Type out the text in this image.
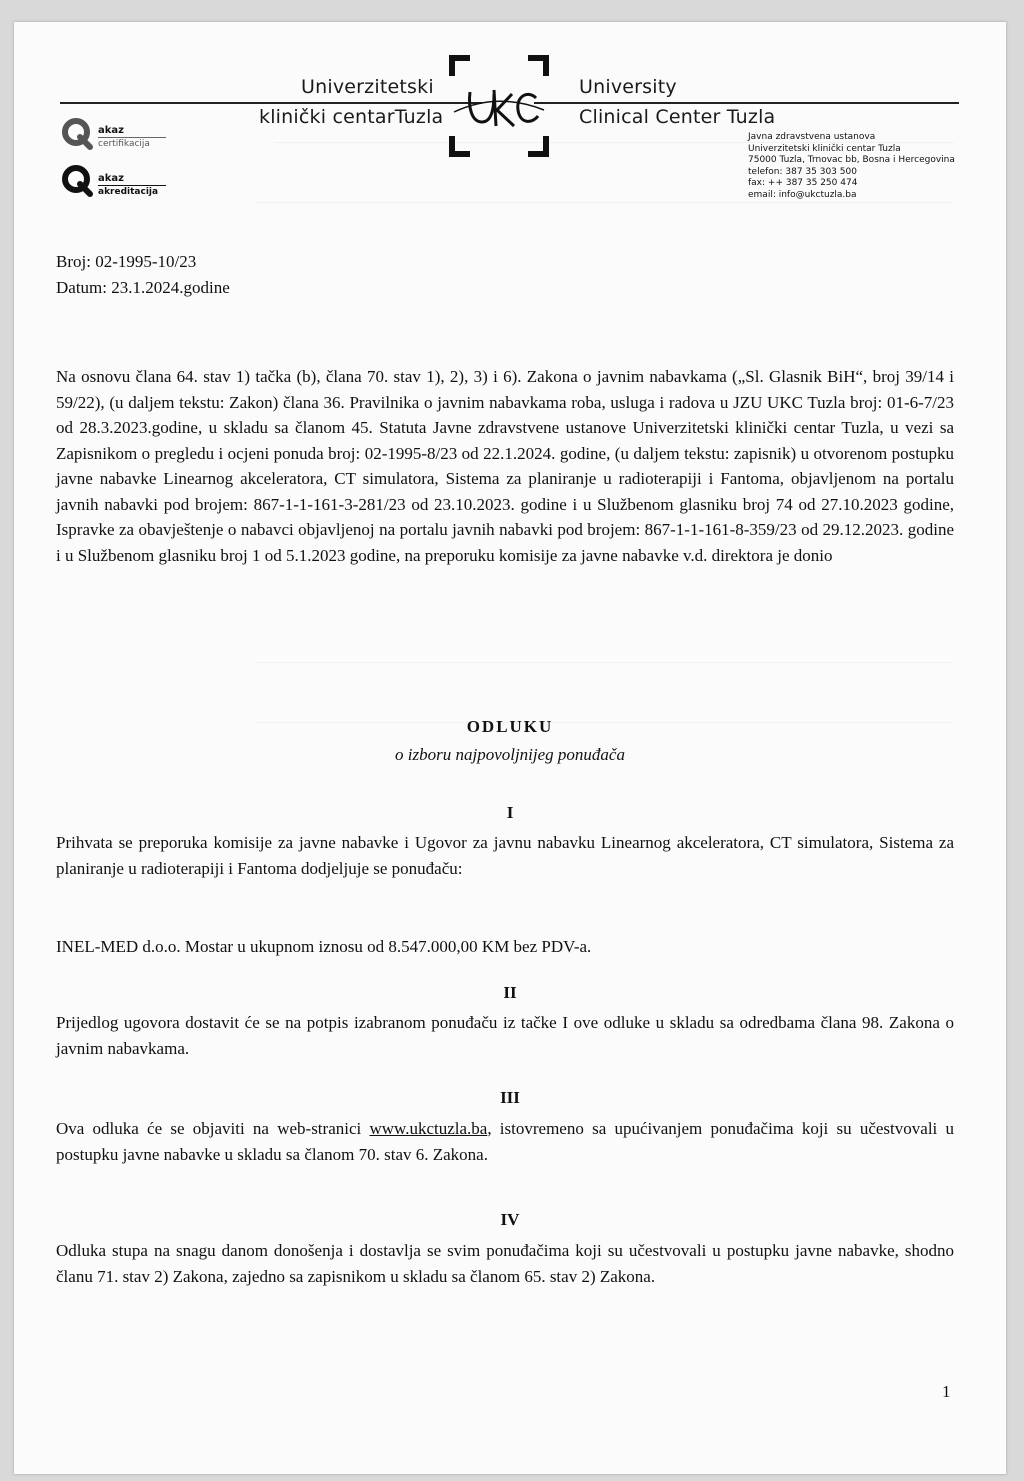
Univerzitetski
klinički centarTuzla
University
Clinical Center Tuzla
Javna zdravstvena ustanova
Univerzitetski klinički centar Tuzla
75000 Tuzla, Trnovac bb, Bosna i Hercegovina
telefon: 387 35 303 500
fax: ++ 387 35 250 474
email: info@ukctuzla.ba
akaz
certifikacija
akaz
akreditacija
Broj: 02-1995-10/23
Datum: 23.1.2024.godine
Na osnovu člana 64. stav 1) tačka (b), člana 70. stav 1), 2), 3) i 6). Zakona o javnim nabavkama („Sl. Glasnik BiH“, broj 39/14 i 59/22), (u daljem tekstu: Zakon) člana 36. Pravilnika o javnim nabavkama roba, usluga i radova u JZU UKC Tuzla broj: 01-6-7/23 od 28.3.2023.godine, u skladu sa članom 45. Statuta Javne zdravstvene ustanove Univerzitetski klinički centar Tuzla, u vezi sa Zapisnikom o pregledu i ocjeni ponuda broj: 02-1995-8/23 od 22.1.2024. godine, (u daljem tekstu: zapisnik) u otvorenom postupku javne nabavke Linearnog akceleratora, CT simulatora, Sistema za planiranje u radioterapiji i Fantoma, objavljenom na portalu javnih nabavki pod brojem: 867-1-1-161-3-281/23 od 23.10.2023. godine i u Službenom glasniku broj 74 od 27.10.2023 godine, Ispravke za obavještenje o nabavci objavljenoj na portalu javnih nabavki pod brojem: 867-1-1-161-8-359/23 od 29.12.2023. godine i u Službenom glasniku broj 1 od 5.1.2023 godine, na preporuku komisije za javne nabavke v.d. direktora je donio
ODLUKU
o izboru najpovoljnijeg ponuđača
I
Prihvata se preporuka komisije za javne nabavke i Ugovor za javnu nabavku Linearnog akceleratora, CT simulatora, Sistema za planiranje u radioterapiji i Fantoma dodjeljuje se ponuđaču:
INEL-MED d.o.o. Mostar u ukupnom iznosu od 8.547.000,00 KM bez PDV-a.
II
Prijedlog ugovora dostavit će se na potpis izabranom ponuđaču iz tačke I ove odluke u skladu sa odredbama člana 98. Zakona o javnim nabavkama.
III
Ova odluka će se objaviti na web-stranici www.ukctuzla.ba, istovremeno sa upućivanjem ponuđačima koji su učestvovali u postupku javne nabavke u skladu sa članom 70. stav 6. Zakona.
IV
Odluka stupa na snagu danom donošenja i dostavlja se svim ponuđačima koji su učestvovali u postupku javne nabavke, shodno članu 71. stav 2) Zakona, zajedno sa zapisnikom u skladu sa članom 65. stav 2) Zakona.
1
